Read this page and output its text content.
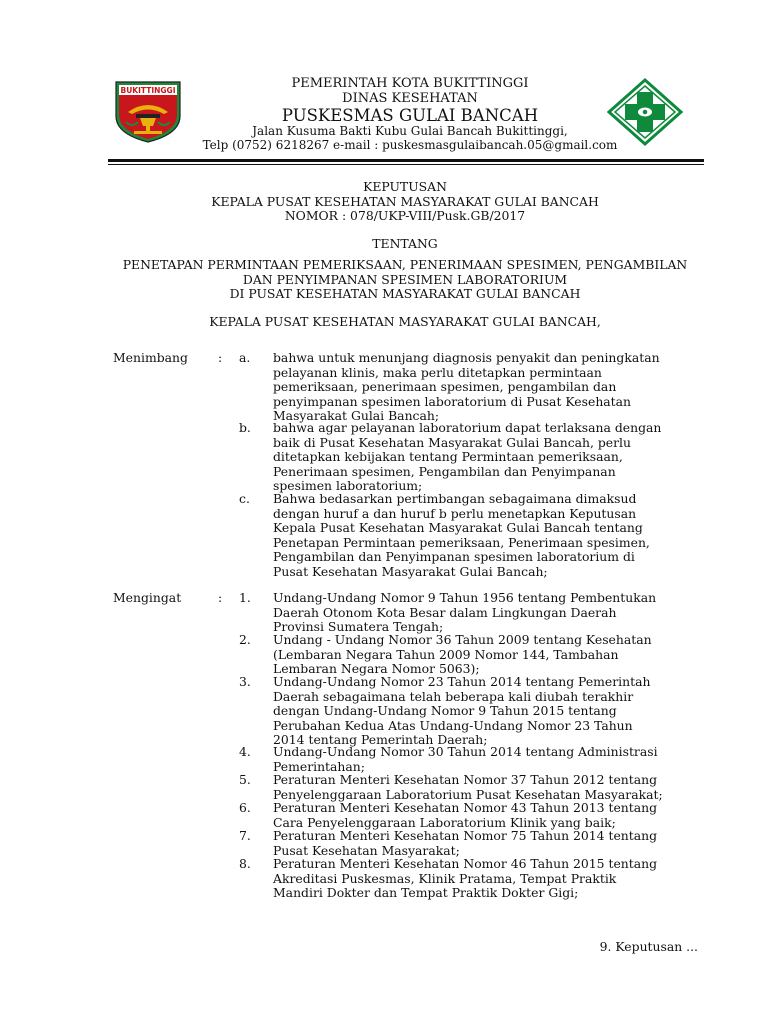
BUKITTINGGI	PEMERINTAH KOTA BUKITTINGGI
DINAS KESEHATAN
PUSKESMAS GULAI BANCAH
Jalan Kusuma Bakti Kubu Gulai Bancah Bukittinggi,
Telp (0752) 6218267 e-mail : puskesmasgulaibancah.05@gmail.com
KEPUTUSAN
KEPALA PUSAT KESEHATAN MASYARAKAT GULAI BANCAH
NOMOR : 078/UKP-VIII/Pusk.GB/2017
TENTANG
PENETAPAN PERMINTAAN PEMERIKSAAN, PENERIMAAN SPESIMEN, PENGAMBILAN
DAN PENYIMPANAN SPESIMEN LABORATORIUM
DI PUSAT KESEHATAN MASYARAKAT GULAI BANCAH
KEPALA PUSAT KESEHATAN MASYARAKAT GULAI BANCAH,
Menimbang : a.	bahwa untuk menunjang diagnosis penyakit dan peningkatan
pelayanan klinis, maka perlu ditetapkan permintaan
pemeriksaan, penerimaan spesimen, pengambilan dan
penyimpanan spesimen laboratorium di Pusat Kesehatan
Masyarakat Gulai Bancah;
b.	bahwa agar pelayanan laboratorium dapat terlaksana dengan
baik di Pusat Kesehatan Masyarakat Gulai Bancah, perlu
ditetapkan kebijakan tentang Permintaan pemeriksaan,
Penerimaan spesimen, Pengambilan dan Penyimpanan
spesimen laboratorium;
c.	Bahwa bedasarkan pertimbangan sebagaimana dimaksud
dengan huruf a dan huruf b perlu menetapkan Keputusan
Kepala Pusat Kesehatan Masyarakat Gulai Bancah tentang
Penetapan Permintaan pemeriksaan, Penerimaan spesimen,
Pengambilan dan Penyimpanan spesimen laboratorium di
Pusat Kesehatan Masyarakat Gulai Bancah;
Mengingat	: 1.	Undang-Undang Nomor 9 Tahun 1956 tentang Pembentukan
Daerah Otonom Kota Besar dalam Lingkungan Daerah
Provinsi Sumatera Tengah;
2.	Undang - Undang Nomor 36 Tahun 2009 tentang Kesehatan
(Lembaran Negara Tahun 2009 Nomor 144, Tambahan
Lembaran Negara Nomor 5063);
3.	Undang-Undang Nomor 23 Tahun 2014 tentang Pemerintah
Daerah sebagaimana telah beberapa kali diubah terakhir
dengan Undang-Undang Nomor 9 Tahun 2015 tentang
Perubahan Kedua Atas Undang-Undang Nomor 23 Tahun
2014 tentang Pemerintah Daerah;
4.	Undang-Undang Nomor 30 Tahun 2014 tentang Administrasi
Pemerintahan;
5.	Peraturan Menteri Kesehatan Nomor 37 Tahun 2012 tentang
Penyelenggaraan Laboratorium Pusat Kesehatan Masyarakat;
6.	Peraturan Menteri Kesehatan Nomor 43 Tahun 2013 tentang
Cara Penyelenggaraan Laboratorium Klinik yang baik;
7.	Peraturan Menteri Kesehatan Nomor 75 Tahun 2014 tentang
Pusat Kesehatan Masyarakat;
8.	Peraturan Menteri Kesehatan Nomor 46 Tahun 2015 tentang
Akreditasi Puskesmas, Klinik Pratama, Tempat Praktik
Mandiri Dokter dan Tempat Praktik Dokter Gigi;
9. Keputusan ...
